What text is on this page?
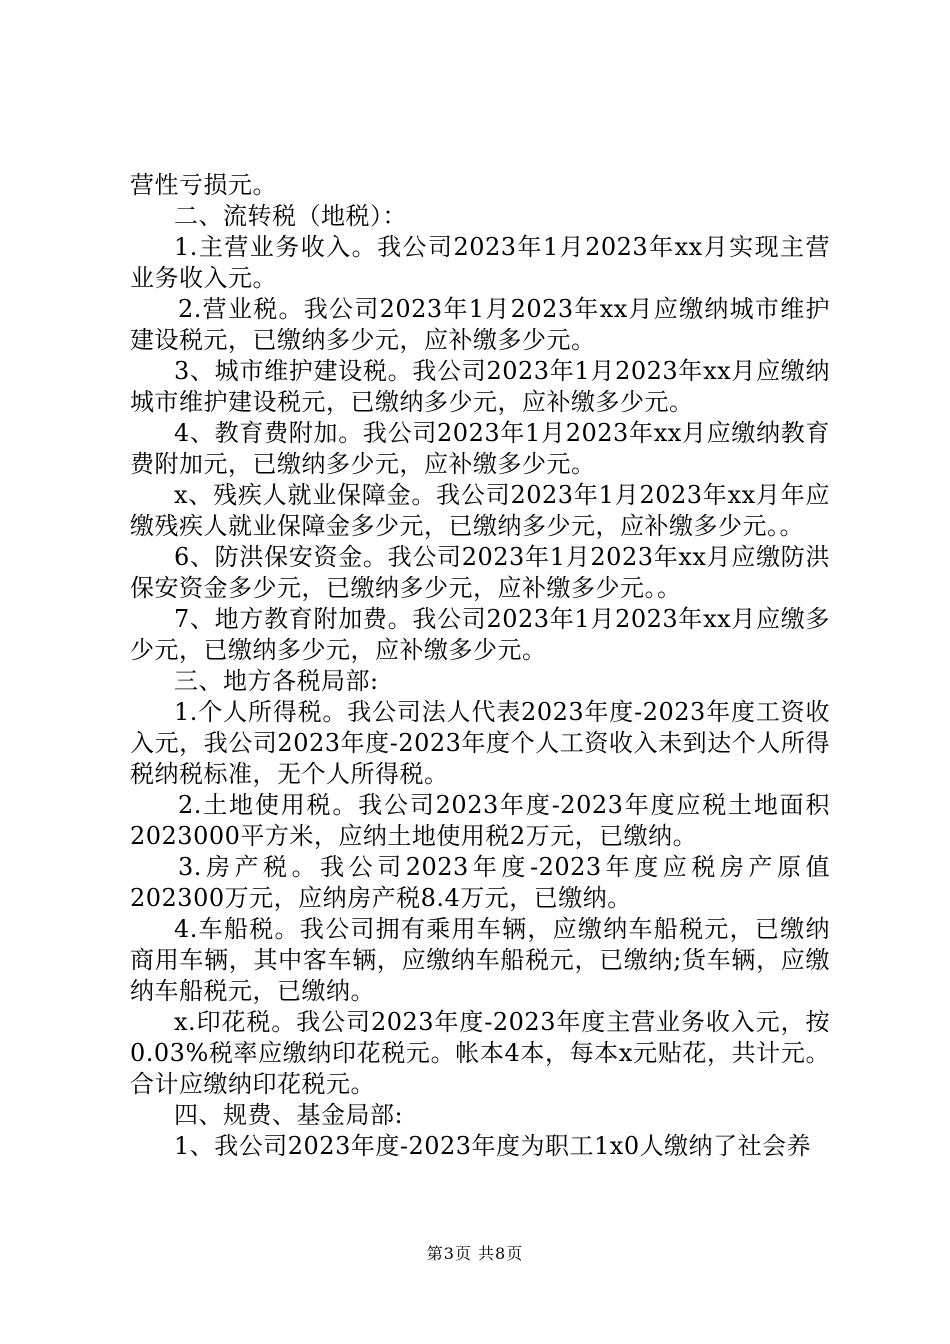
营性亏损元。

二、流转税（地税）：

1.主营业务收入。我公司2023年1月2023年xx月实现主营业务收入元。

2.营业税。我公司2023年1月2023年xx月应缴纳城市维护建设税元，已缴纳多少元，应补缴多少元。

3、城市维护建设税。我公司2023年1月2023年xx月应缴纳城市维护建设税元，已缴纳多少元，应补缴多少元。

4、教育费附加。我公司2023年1月2023年xx月应缴纳教育费附加元，已缴纳多少元，应补缴多少元。

x、残疾人就业保障金。我公司2023年1月2023年xx月年应缴残疾人就业保障金多少元，已缴纳多少元，应补缴多少元。。

6、防洪保安资金。我公司2023年1月2023年xx月应缴防洪保安资金多少元，已缴纳多少元，应补缴多少元。。

7、地方教育附加费。我公司2023年1月2023年xx月应缴多少元，已缴纳多少元，应补缴多少元。

三、地方各税局部:

1.个人所得税。我公司法人代表2023年度-2023年度工资收入元，我公司2023年度-2023年度个人工资收入未到达个人所得税纳税标准，无个人所得税。

2.土地使用税。我公司2023年度-2023年度应税土地面积2023000平方米，应纳土地使用税2万元，已缴纳。

3.房产税。我公司2023年度-2023年度应税房产原值202300万元，应纳房产税8.4万元，已缴纳。

4.车船税。我公司拥有乘用车辆，应缴纳车船税元，已缴纳商用车辆，其中客车辆，应缴纳车船税元，已缴纳;货车辆，应缴纳车船税元，已缴纳。

x.印花税。我公司2023年度-2023年度主营业务收入元，按0.03%税率应缴纳印花税元。帐本4本，每本x元贴花，共计元。合计应缴纳印花税元。

四、规费、基金局部:

1、我公司2023年度-2023年度为职工1x0人缴纳了社会养

第3页 共8页
